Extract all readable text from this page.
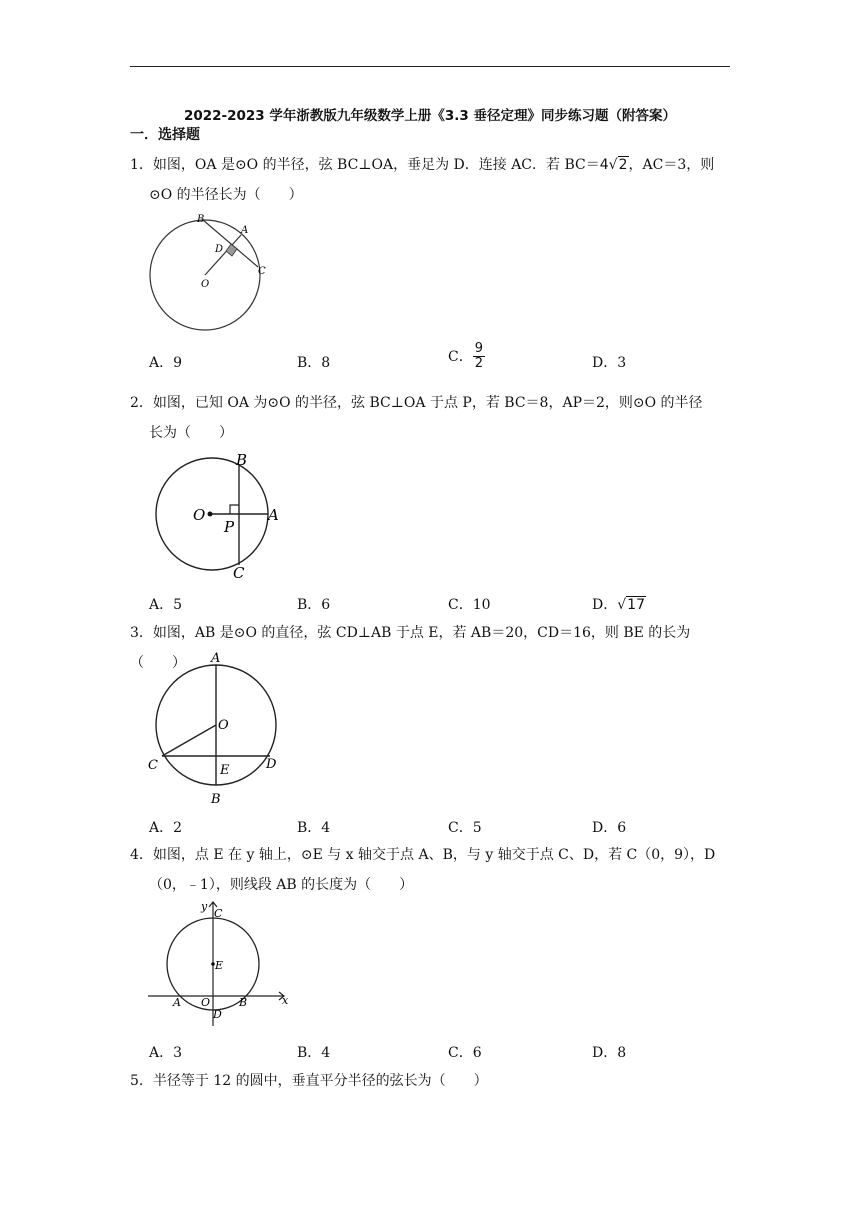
2022-2023 学年浙教版九年级数学上册《3.3 垂径定理》同步练习题（附答案）
一．选择题
1．如图，OA 是⊙O 的半径，弦 BC⊥OA，垂足为 D．连接 AC．若 BC＝4√2，AC＝3，则
⊙O 的半径长为（　　）
B
A
D
C
O
A．9	B．8	C． $\frac{9}{2}$	D．3
2．如图，已知 OA 为⊙O 的半径，弦 BC⊥OA 于点 P，若 BC＝8，AP＝2，则⊙O 的半径
长为（　　）
B
O
P
A
C
A．5	B．6	C．10	D．√17
3．如图，AB 是⊙O 的直径，弦 CD⊥AB 于点 E，若 AB＝20，CD＝16，则 BE 的长为（　　）	A
O
C	E	D
B
A．2	B．4	C．5	D．6
4．如图，点 E 在 y 轴上，⊙E 与 x 轴交于点 A、B，与 y 轴交于点 C、D，若 C（0，9），D
（0，﹣1），则线段 AB 的长度为（　　）
y
C
E
A O	B
D
x
A．3	B．4	C．6	D．8
5．半径等于 12 的圆中，垂直平分半径的弦长为（　　）
